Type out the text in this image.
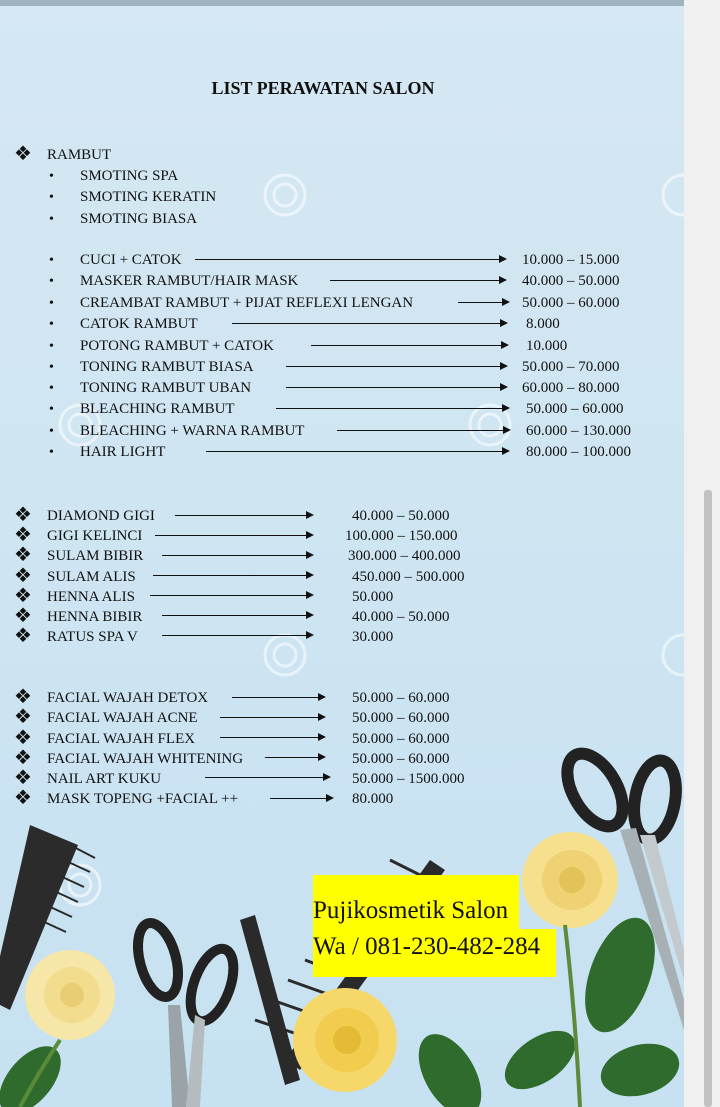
LIST PERAWATAN SALON
❖ RAMBUT
• SMOTING SPA
• SMOTING KERATIN
• SMOTING BIASA
• CUCI + CATOK	10.000 – 15.000
• MASKER RAMBUT/HAIR MASK	40.000 – 50.000
• CREAMBAT RAMBUT + PIJAT REFLEXI LENGAN	50.000 – 60.000
• CATOK RAMBUT	8.000
• POTONG RAMBUT + CATOK	10.000
• TONING RAMBUT BIASA	50.000 – 70.000
• TONING RAMBUT UBAN	60.000 – 80.000
• BLEACHING RAMBUT	50.000 – 60.000
• BLEACHING + WARNA RAMBUT	60.000 – 130.000
• HAIR LIGHT	80.000 – 100.000
❖ DIAMOND GIGI	40.000 – 50.000
❖ GIGI KELINCI	100.000 – 150.000
❖ SULAM BIBIR	300.000 – 400.000
❖ SULAM ALIS	450.000 – 500.000
❖ HENNA ALIS	50.000
❖ HENNA BIBIR	40.000 – 50.000
❖ RATUS SPA V	30.000
❖ FACIAL WAJAH DETOX	50.000 – 60.000
❖ FACIAL WAJAH ACNE	50.000 – 60.000
❖ FACIAL WAJAH FLEX	50.000 – 60.000
❖ FACIAL WAJAH WHITENING	50.000 – 60.000
❖ NAIL ART KUKU	50.000 – 1500.000
❖ MASK TOPENG +FACIAL ++	80.000
Pujikosmetik Salon
Wa / 081-230-482-284
